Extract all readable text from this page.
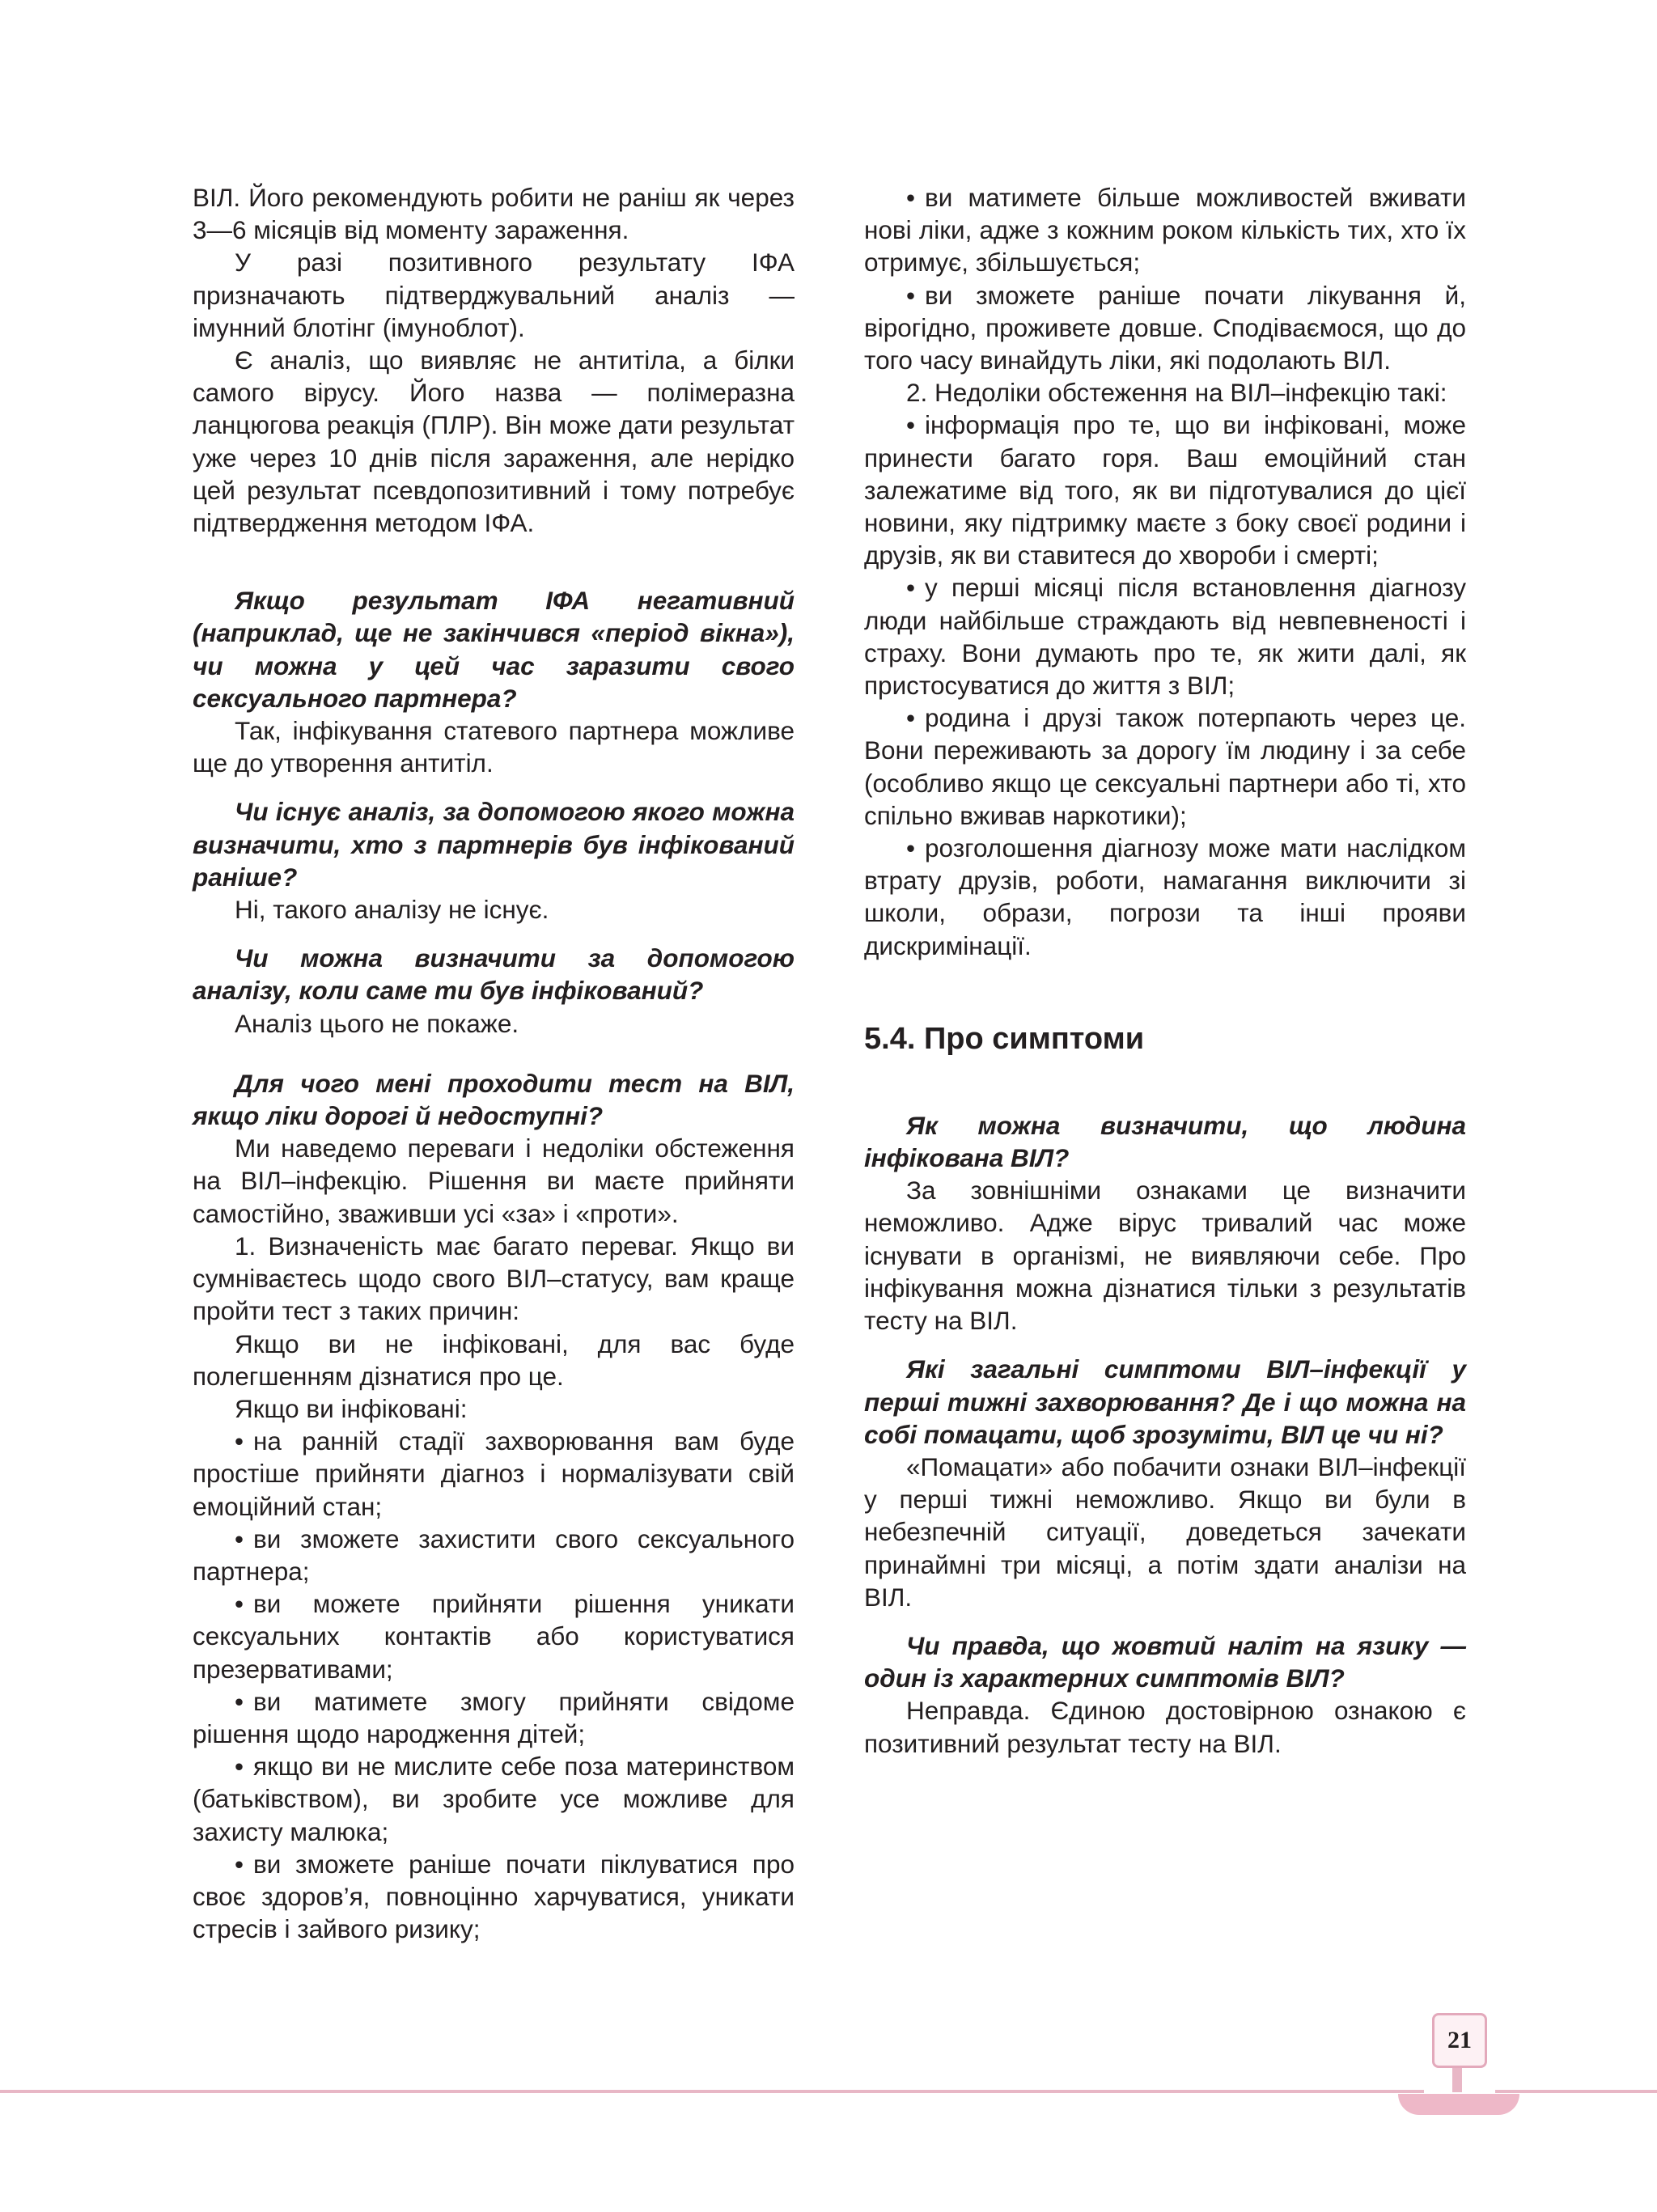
ВІЛ. Його рекомендують робити не раніш як через 3—6 місяців від моменту зараження.

У разі позитивного результату ІФА призначають підтверджувальний аналіз — імунний блотінг (імуноблот).

Є аналіз, що виявляє не антитіла, а білки самого вірусу. Його назва — полімеразна ланцюгова реакція (ПЛР). Він може дати результат уже через 10 днів після зараження, але нерідко цей результат псевдопозитивний і тому потребує підтвердження методом ІФА.

Якщо результат ІФА негативний (наприклад, ще не закінчився «період вікна»), чи можна у цей час заразити свого сексуального партнера?

Так, інфікування статевого партнера можливе ще до утворення антитіл.

Чи існує аналіз, за допомогою якого можна визначити, хто з партнерів був інфікований раніше?

Ні, такого аналізу не існує.

Чи можна визначити за допомогою аналізу, коли саме ти був інфікований?

Аналіз цього не покаже.

Для чого мені проходити тест на ВІЛ, якщо ліки дорогі й недоступні?

Ми наведемо переваги і недоліки обстеження на ВІЛ–інфекцію. Рішення ви маєте прийняти самостійно, зваживши усі «за» і «проти».

1. Визначеність має багато переваг. Якщо ви сумніваєтесь щодо свого ВІЛ–статусу, вам краще пройти тест з таких причин:

Якщо ви не інфіковані, для вас буде полегшенням дізнатися про це.

Якщо ви інфіковані:

• на ранній стадії захворювання вам буде простіше прийняти діагноз і нормалізувати свій емоційний стан;

• ви зможете захистити свого сексуального партнера;

• ви можете прийняти рішення уникати сексуальних контактів або користуватися презервативами;

• ви матимете змогу прийняти свідоме рішення щодо народження дітей;

• якщо ви не мислите себе поза материнством (батьківством), ви зробите усе можливе для захисту малюка;

• ви зможете раніше почати піклуватися про своє здоров’я, повноцінно харчуватися, уникати стресів і зайвого ризику;

• ви матимете більше можливостей вживати нові ліки, адже з кожним роком кількість тих, хто їх отримує, збільшується;

• ви зможете раніше почати лікування й, вірогідно, проживете довше. Сподіваємося, що до того часу винайдуть ліки, які подолають ВІЛ.

2. Недоліки обстеження на ВІЛ–інфекцію такі:

• інформація про те, що ви інфіковані, може принести багато горя. Ваш емоційний стан залежатиме від того, як ви підготувалися до цієї новини, яку підтримку маєте з боку своєї родини і друзів, як ви ставитеся до хвороби і смерті;

• у перші місяці після встановлення діагнозу люди найбільше страждають від невпевненості і страху. Вони думають про те, як жити далі, як пристосуватися до життя з ВІЛ;

• родина і друзі також потерпають через це. Вони переживають за дорогу їм людину і за себе (особливо якщо це сексуальні партнери або ті, хто спільно вживав наркотики);

• розголошення діагнозу може мати наслідком втрату друзів, роботи, намагання виключити зі школи, образи, погрози та інші прояви дискримінації.

5.4. Про симптоми

Як можна визначити, що людина інфікована ВІЛ?

За зовнішніми ознаками це визначити неможливо. Адже вірус тривалий час може існувати в організмі, не виявляючи себе. Про інфікування можна дізнатися тільки з результатів тесту на ВІЛ.

Які загальні симптоми ВІЛ–інфекції у перші тижні захворювання? Де і що можна на собі помацати, щоб зрозуміти, ВІЛ це чи ні?

«Помацати» або побачити ознаки ВІЛ–інфекції у перші тижні неможливо. Якщо ви були в небезпечній ситуації, доведеться зачекати принаймні три місяці, а потім здати аналізи на ВІЛ.

Чи правда, що жовтий наліт на язику — один із характерних симптомів ВІЛ?

Неправда. Єдиною достовірною ознакою є позитивний результат тесту на ВІЛ.

21
